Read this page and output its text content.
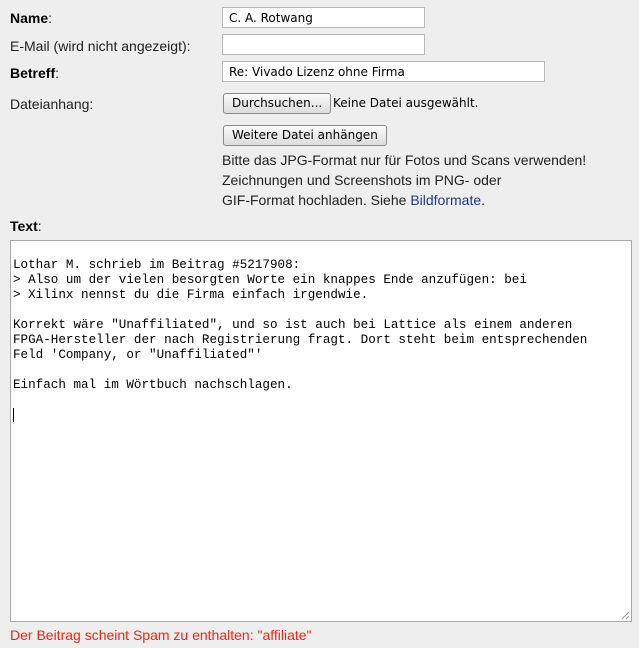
Name:	C. A. Rotwang
E-Mail (wird nicht angezeigt):
Betreff:	Re: Vivado Lizenz ohne Firma
Dateianhang:	Durchsuchen... Keine Datei ausgewählt.
Weitere Datei anhängen
Bitte das JPG-Format nur für Fotos und Scans verwenden!
Zeichnungen und Screenshots im PNG- oder
GIF-Format hochladen. Siehe Bildformate.
Text:

Lothar M. schrieb im Beitrag #5217908:
> Also um der vielen besorgten Worte ein knappes Ende anzufügen: bei
> Xilinx nennst du die Firma einfach irgendwie.

Korrekt wäre "Unaffiliated", und so ist auch bei Lattice als einem anderen
FPGA-Hersteller der nach Registrierung fragt. Dort steht beim entsprechenden
Feld 'Company, or "Unaffiliated"'

Einfach mal im Wörtbuch nachschlagen.

Der Beitrag scheint Spam zu enthalten: "affiliate"
